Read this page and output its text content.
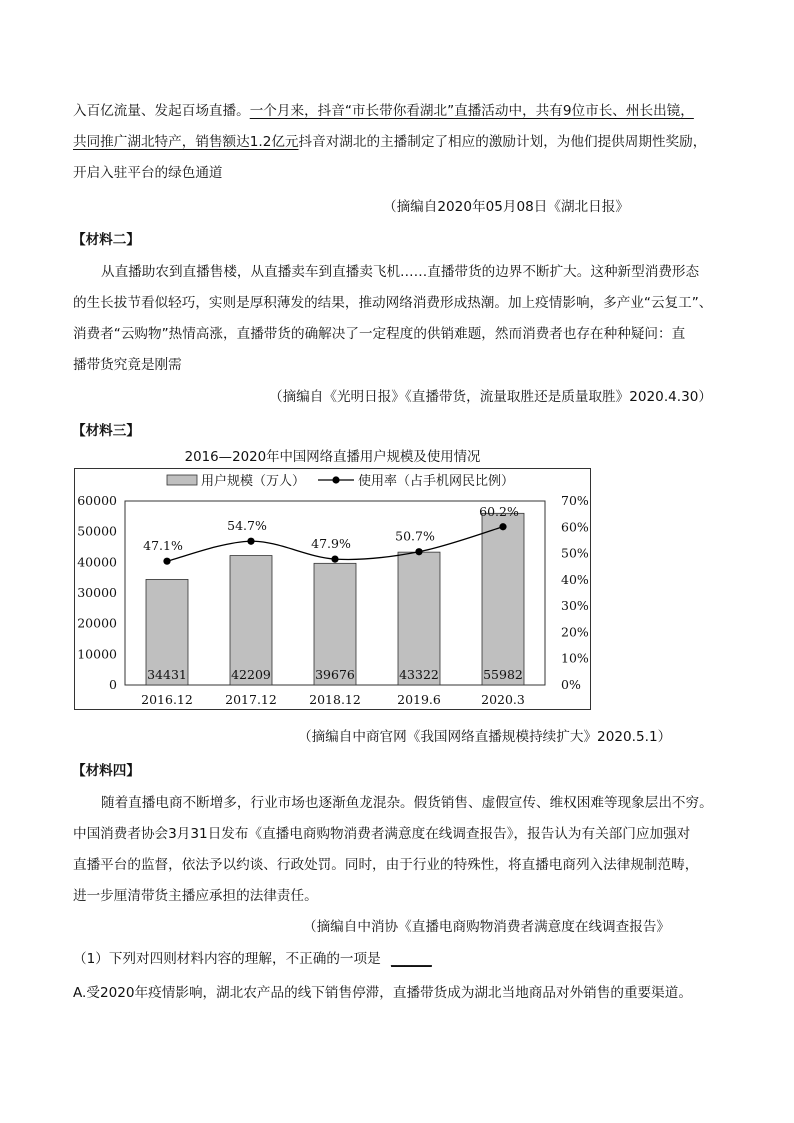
入百亿流量、发起百场直播。一个月来，抖音“市长带你看湖北”直播活动中，共有9位市长、州长出镜，
共同推广湖北特产，销售额达1.2亿元抖音对湖北的主播制定了相应的激励计划，为他们提供周期性奖励，
开启入驻平台的绿色通道
（摘编自2020年05月08日《湖北日报》
【材料二】

从直播助农到直播售楼，从直播卖车到直播卖飞机……直播带货的边界不断扩大。这种新型消费形态

的生长拔节看似轻巧，实则是厚积薄发的结果，推动网络消费形成热潮。加上疫情影响，多产业“云复工”、

消费者“云购物”热情高涨，直播带货的确解决了一定程度的供销难题，然而消费者也存在种种疑问：直

播带货究竟是刚需

（摘编自《光明日报》《直播带货，流量取胜还是质量取胜》2020.4.30）
【材料三】
2016—2020年中国网络直播用户规模及使用情况
0
10000
20000
30000
40000
50000
60000
0%
10%
20%
30%
40%
50%
60%
70%
34431	42209	39676	43322	55982
47.1%
54.7%
47.9%	50.7%
60.2%
2016.12	2017.12	2018.12	2019.6	2020.3
用户规模（万人）	使用率（占手机网民比例）
（摘编自中商官网《我国网络直播规模持续扩大》2020.5.1）
【材料四】

随着直播电商不断增多，行业市场也逐渐鱼龙混杂。假货销售、虚假宣传、维权困难等现象层出不穷。

中国消费者协会3月31日发布《直播电商购物消费者满意度在线调查报告》，报告认为有关部门应加强对

直播平台的监督，依法予以约谈、行政处罚。同时，由于行业的特殊性，将直播电商列入法律规制范畴，

进一步厘清带货主播应承担的法律责任。

（摘编自中消协《直播电商购物消费者满意度在线调查报告》
（1）下列对四则材料内容的理解，不正确的一项是 ______
A.受2020年疫情影响，湖北农产品的线下销售停滞，直播带货成为湖北当地商品对外销售的重要渠道。
